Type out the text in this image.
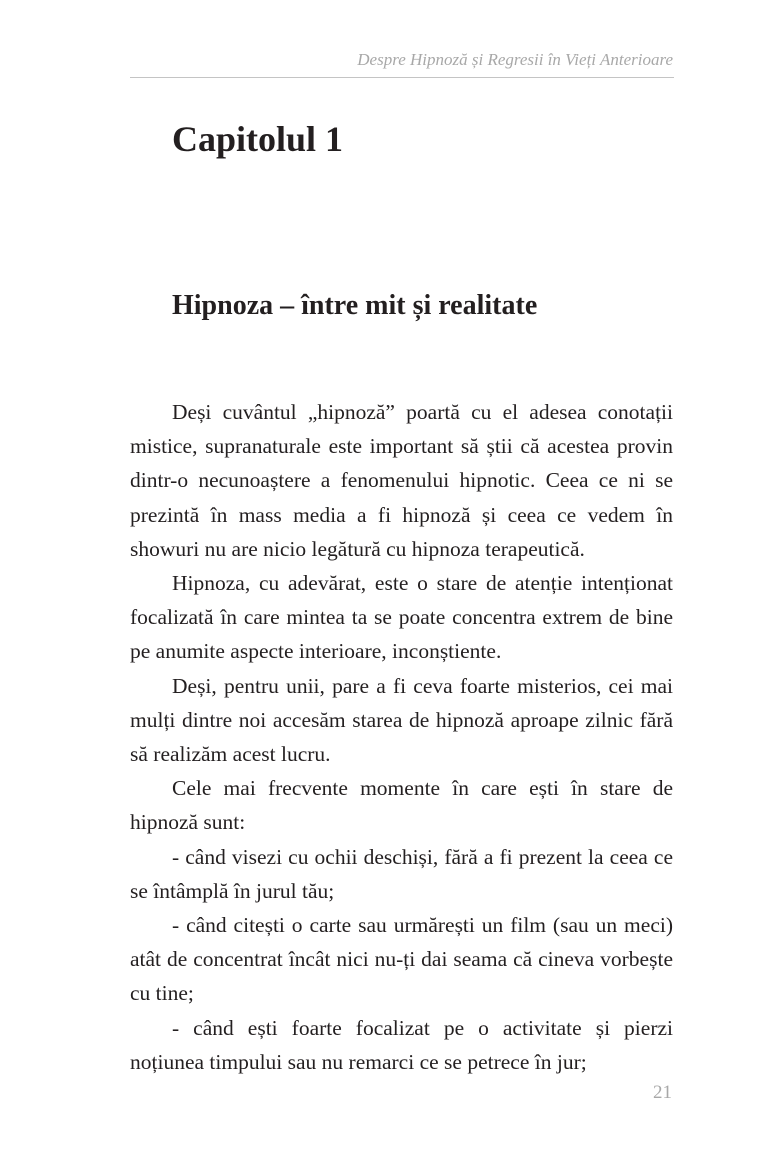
Despre Hipnoză și Regresii în Vieți Anterioare
Capitolul 1
Hipnoza – între mit și realitate

Deși cuvântul „hipnoză” poartă cu el adesea conotații mistice, supranaturale este important să știi că acestea provin dintr-o necunoaștere a fenomenului hipnotic. Ceea ce ni se prezintă în mass media a fi hipnoză și ceea ce vedem în showuri nu are nicio legătură cu hipnoza terapeutică.

Hipnoza, cu adevărat, este o stare de atenție intenționat focalizată în care mintea ta se poate concentra extrem de bine pe anumite aspecte interioare, inconștiente.

Deși, pentru unii, pare a fi ceva foarte misterios, cei mai mulți dintre noi accesăm starea de hipnoză aproape zilnic fără să realizăm acest lucru.

Cele mai frecvente momente în care ești în stare de hipnoză sunt:

- când visezi cu ochii deschiși, fără a fi prezent la ceea ce se întâmplă în jurul tău;

- când citești o carte sau urmărești un film (sau un meci) atât de concentrat încât nici nu-ți dai seama că cineva vorbește cu tine;

- când ești foarte focalizat pe o activitate și pierzi noțiunea timpului sau nu remarci ce se petrece în jur;

21
